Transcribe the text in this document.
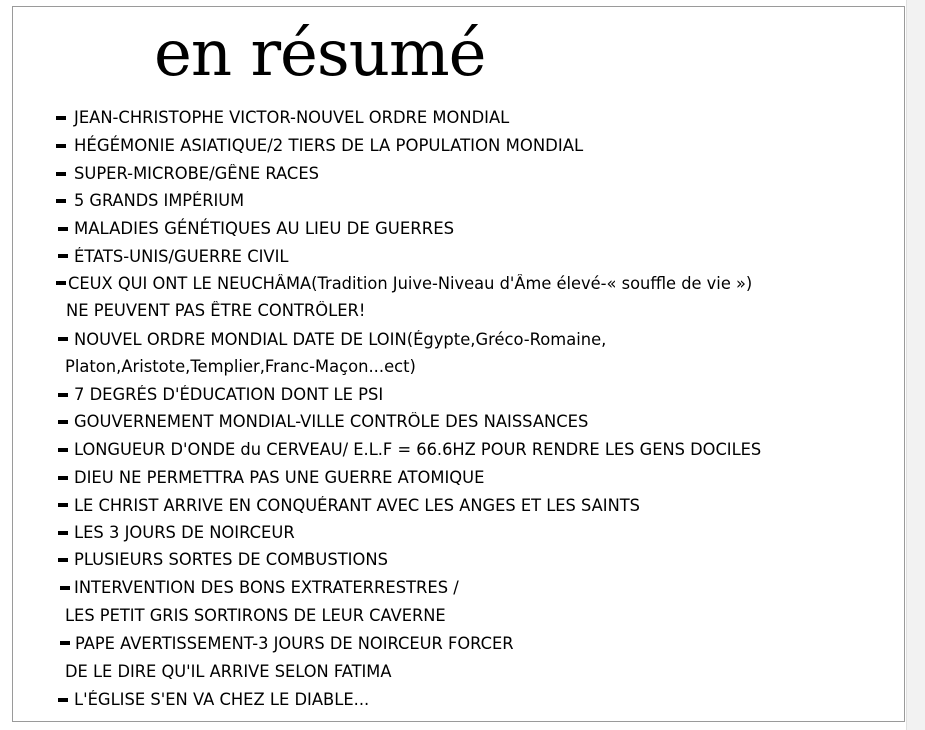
en résumé
JEAN-CHRISTOPHE VICTOR-NOUVEL ORDRE MONDIAL
HÉGÉMONIE ASIATIQUE/2 TIERS DE LA POPULATION MONDIAL
SUPER-MICROBE/GÊNE RACES
5 GRANDS IMPÉRIUM
MALADIES GÉNÉTIQUES AU LIEU DE GUERRES
ÉTATS-UNIS/GUERRE CIVIL
CEUX QUI ONT LE NEUCHÂMA(Tradition Juive-Niveau d'Âme élevé-« souffle de vie »)
NE PEUVENT PAS ÊTRE CONTRÔLER!
NOUVEL ORDRE MONDIAL DATE DE LOIN(Égypte,Gréco-Romaine,
Platon,Aristote,Templier,Franc-Maçon...ect)
7 DEGRÉS D'ÉDUCATION DONT LE PSI
GOUVERNEMENT MONDIAL-VILLE CONTRÔLE DES NAISSANCES
LONGUEUR D'ONDE du CERVEAU/ E.L.F = 66.6HZ POUR RENDRE LES GENS DOCILES
DIEU NE PERMETTRA PAS UNE GUERRE ATOMIQUE
LE CHRIST ARRIVE EN CONQUÉRANT AVEC LES ANGES ET LES SAINTS
LES 3 JOURS DE NOIRCEUR
PLUSIEURS SORTES DE COMBUSTIONS
INTERVENTION DES BONS EXTRATERRESTRES /
LES PETIT GRIS SORTIRONS DE LEUR CAVERNE
PAPE AVERTISSEMENT-3 JOURS DE NOIRCEUR FORCER
DE LE DIRE QU'IL ARRIVE SELON FATIMA
L'ÉGLISE S'EN VA CHEZ LE DIABLE...
